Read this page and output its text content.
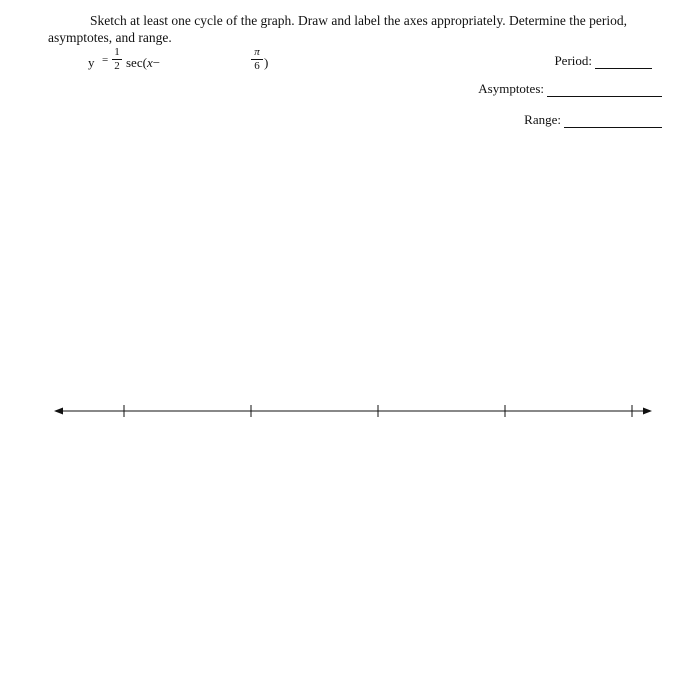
Sketch at least one cycle of the graph. Draw and label the axes appropriately. Determine the period,
asymptotes, and range.
$y = \frac{1}{2} \sec(x-$	$\frac{\pi}{6}$ )	Period:
Asymptotes:
Range:
